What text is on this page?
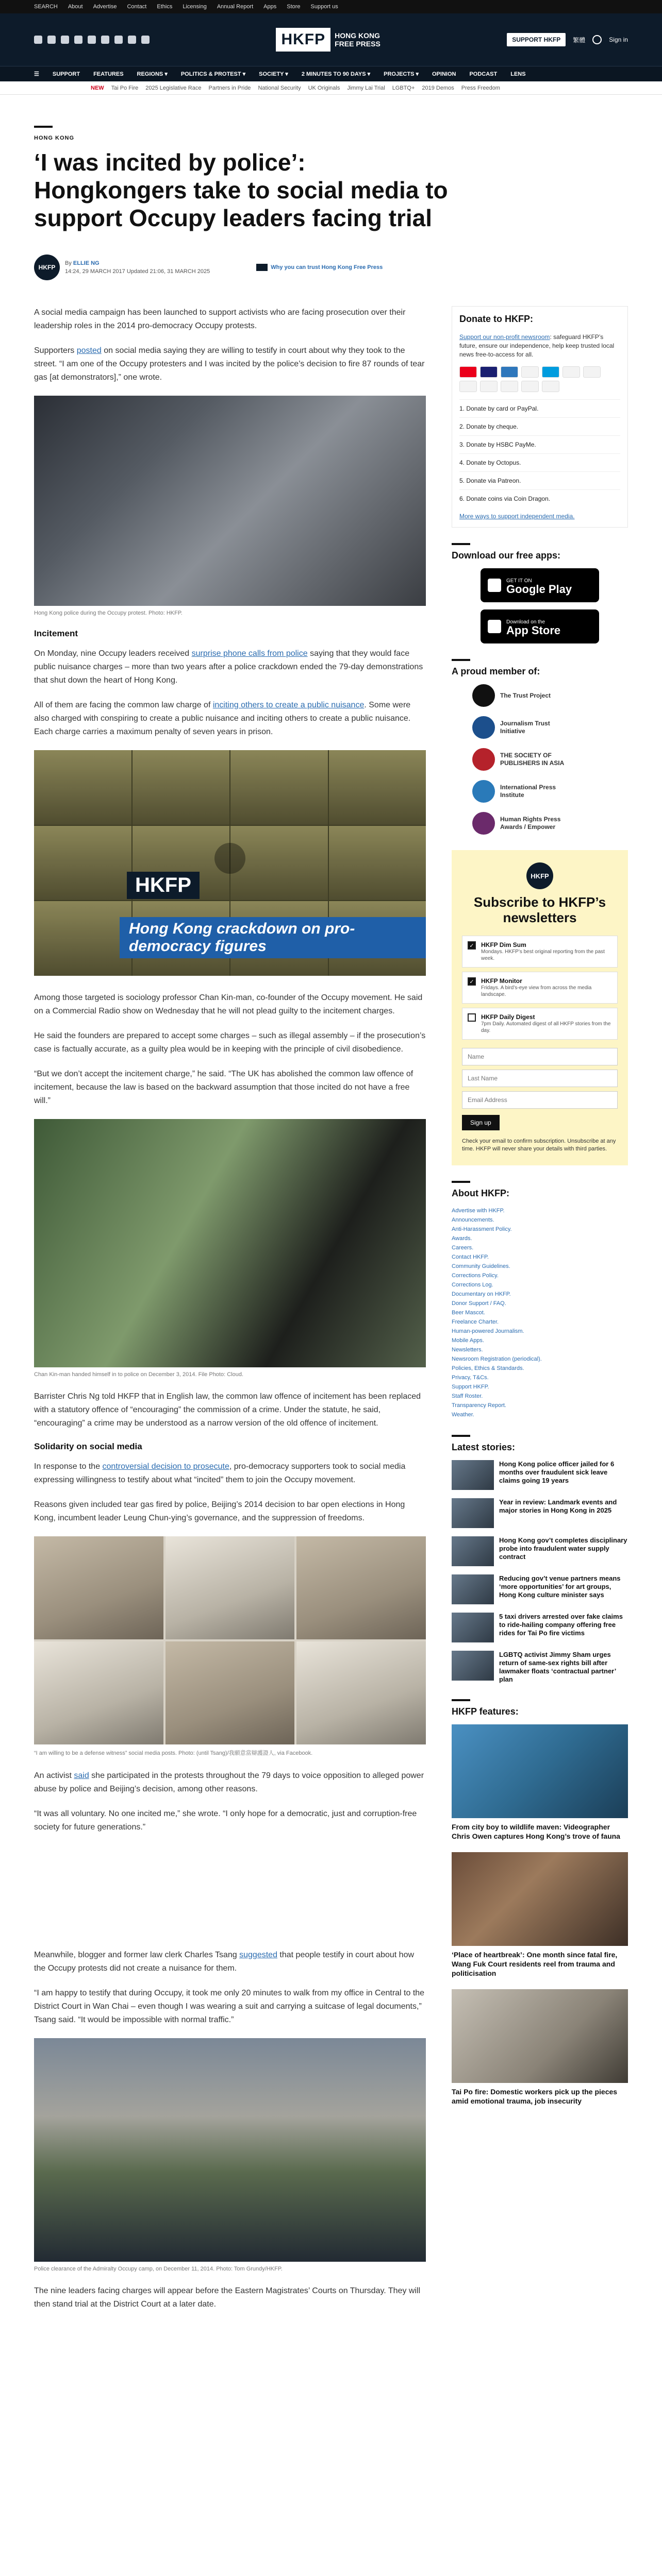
SEARCH About Advertise Contact Ethics Licensing Annual Report Apps Store Support us
HKFP	HONG KONG
FREE PRESS	SUPPORT HKFP	繁體	Sign in
☰ SUPPORT FEATURES REGIONS ▾ POLITICS & PROTEST ▾ SOCIETY ▾ 2 MINUTES TO 90 DAYS ▾ PROJECTS ▾ OPINION PODCAST LENS
NEW Tai Po Fire 2025 Legislative Race Partners in Pride National Security UK Originals Jimmy Lai Trial LGBTQ+ 2019 Demos Press Freedom
HONG KONG
‘I was incited by police’: Hongkongers take to social media to support Occupy leaders facing trial
HKFP
By ELLIE NG
14:24, 29 MARCH 2017 Updated 21:06, 31 MARCH 2025
Why you can trust Hong Kong Free Press

A social media campaign has been launched to support activists who are facing prosecution over their leadership roles in the 2014 pro-democracy Occupy protests.

Supporters posted on social media saying they are willing to testify in court about why they took to the street. “I am one of the Occupy protesters and I was incited by the police’s decision to fire 87 rounds of tear gas [at demonstrators],” one wrote.

Hong Kong police during the Occupy protest. Photo: HKFP.
Incitement

On Monday, nine Occupy leaders received surprise phone calls from police saying that they would face public nuisance charges – more than two years after a police crackdown ended the 79-day demonstrations that shut down the heart of Hong Kong.

All of them are facing the common law charge of inciting others to create a public nuisance. Some were also charged with conspiring to create a public nuisance and inciting others to create a public nuisance. Each charge carries a maximum penalty of seven years in prison.

HKFP
Hong Kong crackdown on pro-democracy figures

Among those targeted is sociology professor Chan Kin-man, co-founder of the Occupy movement. He said on a Commercial Radio show on Wednesday that he will not plead guilty to the incitement charges.

He said the founders are prepared to accept some charges – such as illegal assembly – if the prosecution’s case is factually accurate, as a guilty plea would be in keeping with the principle of civil disobedience.

“But we don’t accept the incitement charge,” he said. “The UK has abolished the common law offence of incitement, because the law is based on the backward assumption that those incited do not have a free will.”

Chan Kin-man handed himself in to police on December 3, 2014. File Photo: Cloud.

Barrister Chris Ng told HKFP that in English law, the common law offence of incitement has been replaced with a statutory offence of “encouraging” the commission of a crime. Under the statute, he said, “encouraging” a crime may be understood as a narrow version of the old offence of incitement.

Solidarity on social media

In response to the controversial decision to prosecute, pro-democracy supporters took to social media expressing willingness to testify about what “incited” them to join the Occupy movement.

Reasons given included tear gas fired by police, Beijing’s 2014 decision to bar open elections in Hong Kong, incumbent leader Leung Chun-ying’s governance, and the suppression of freedoms.

“I am willing to be a defense witness” social media posts. Photo: (until Tsang)/我願意當辯護證人, via Facebook.

An activist said she participated in the protests throughout the 79 days to voice opposition to alleged power abuse by police and Beijing’s decision, among other reasons.

“It was all voluntary. No one incited me,” she wrote. “I only hope for a democratic, just and corruption-free society for future generations.”

Meanwhile, blogger and former law clerk Charles Tsang suggested that people testify in court about how the Occupy protests did not create a nuisance for them.

“I am happy to testify that during Occupy, it took me only 20 minutes to walk from my office in Central to the District Court in Wan Chai – even though I was wearing a suit and carrying a suitcase of legal documents,” Tsang said. “It would be impossible with normal traffic.”

Police clearance of the Admiralty Occupy camp, on December 11, 2014. Photo: Tom Grundy/HKFP.

The nine leaders facing charges will appear before the Eastern Magistrates’ Courts on Thursday. They will then stand trial at the District Court at a later date.

Donate to HKFP:
Support our non-profit newsroom: safeguard HKFP’s future, ensure our independence, help keep trusted local news free-to-access for all.
1. Donate by card or PayPal.
2. Donate by cheque.
3. Donate by HSBC PayMe.
4. Donate by Octopus.
5. Donate via Patreon.
6. Donate coins via Coin Dragon.
More ways to support independent media.
Download our free apps:
GET IT ON
Google Play
Download on the
App Store
A proud member of:
The Trust Project
Journalism Trust Initiative
THE SOCIETY OF PUBLISHERS IN ASIA
International Press Institute
Human Rights Press Awards / Empower
HKFP
Subscribe to HKFP’s newsletters
✓ HKFP Dim Sum
Mondays. HKFP’s best original reporting from the past week.
✓ HKFP Monitor
Fridays. A bird’s-eye view from across the media landscape.
HKFP Daily Digest
7pm Daily. Automated digest of all HKFP stories from the day.
Name Last Name Email Address
Sign up
Check your email to confirm subscription. Unsubscribe at any time. HKFP will never share your details with third parties.
About HKFP:
Advertise with HKFP.
Announcements.
Anti-Harassment Policy.
Awards.
Careers.
Contact HKFP.
Community Guidelines.
Corrections Policy.
Corrections Log.
Documentary on HKFP.
Donor Support / FAQ.
Beer Mascot.
Freelance Charter.
Human-powered Journalism.
Mobile Apps.
Newsletters.
Newsroom Registration (periodical).
Policies, Ethics & Standards.
Privacy, T&Cs.
Support HKFP.
Staff Roster.
Transparency Report.
Weather.
Latest stories:
Hong Kong police officer jailed for 6 months over fraudulent sick leave claims going 19 years
Year in review: Landmark events and major stories in Hong Kong in 2025
Hong Kong gov’t completes disciplinary probe into fraudulent water supply contract
Reducing gov’t venue partners means ‘more opportunities’ for art groups, Hong Kong culture minister says
5 taxi drivers arrested over fake claims to ride-hailing company offering free rides for Tai Po fire victims
LGBTQ activist Jimmy Sham urges return of same-sex rights bill after lawmaker floats ‘contractual partner’ plan
HKFP features:
From city boy to wildlife maven: Videographer Chris Owen captures Hong Kong’s trove of fauna
‘Place of heartbreak’: One month since fatal fire, Wang Fuk Court residents reel from trauma and politicisation
Tai Po fire: Domestic workers pick up the pieces amid emotional trauma, job insecurity
